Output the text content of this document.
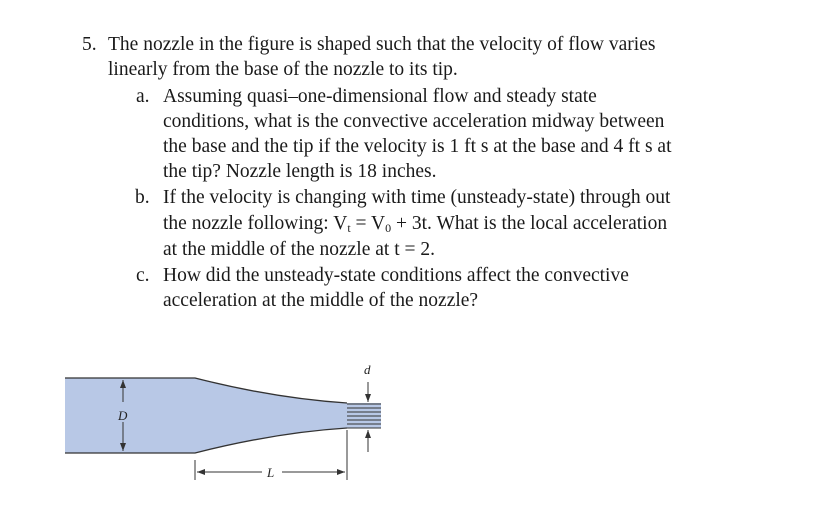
5. The nozzle in the figure is shaped such that the velocity of flow varies
linearly from the base of the nozzle to its tip.
a. Assuming quasi–one-dimensional flow and steady state
conditions, what is the convective acceleration midway between
the base and the tip if the velocity is 1 ft s at the base and 4 ft s at
the tip? Nozzle length is 18 inches.
b. If the velocity is changing with time (unsteady-state) through out
the nozzle following: $V_t = V_0 + 3t$. What is the local acceleration
at the middle of the nozzle at t = 2.
c. How did the unsteady-state conditions affect the convective
acceleration at the middle of the nozzle?
D
d
L
